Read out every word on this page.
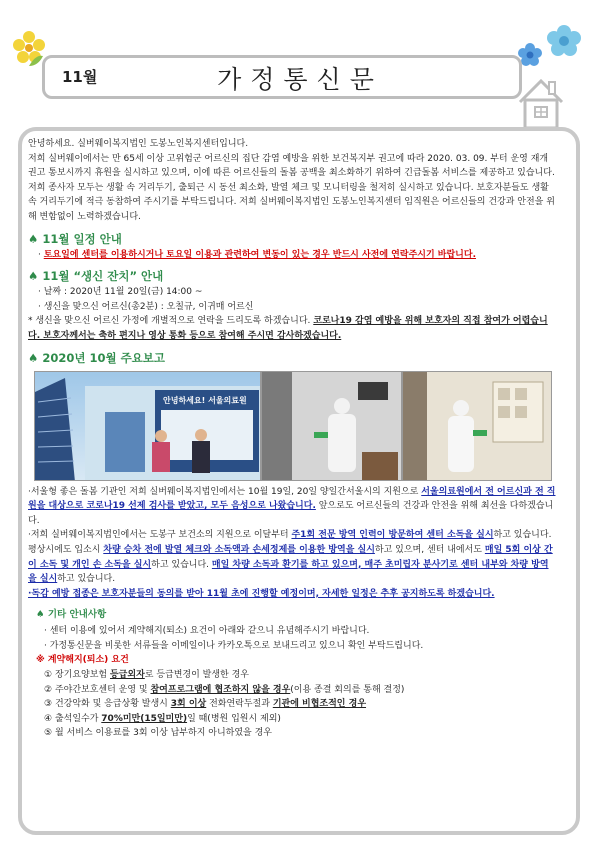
11월	가정통신문

안녕하세요. 실버웨이복지법인 도봉노인복지센터입니다.

저희 실버웨이에서는 만 65세 이상 고위험군 어르신의 집단 감염 예방을 위한 보건복지부 권고에 따라 2020. 03. 09. 부터 운영 재개 권고 통보시까지 휴원을 실시하고 있으며, 이에 따른 어르신들의 돌봄 공백을 최소화하기 위하여 긴급돌봄 서비스를 제공하고 있습니다. 저희 종사자 모두는 생활 속 거리두기, 출퇴근 시 동선 최소화, 발열 체크 및 모니터링을 철저히 실시하고 있습니다. 보호자분들도 생활 속 거리두기에 적극 동참하여 주시기를 부탁드립니다. 저희 실버웨이복지법인 도봉노인복지센터 임직원은 어르신들의 건강과 안전을 위해 변함없이 노력하겠습니다.

♠ 11월 일정 안내

· 토요일에 센터를 이용하시거나 토요일 이용과 관련하여 변동이 있는 경우 반드시 사전에 연락주시기 바랍니다.

♠ 11월 “생신 잔치” 안내

· 날짜 : 2020년 11월 20일(금) 14:00 ~

· 생신을 맞으신 어르신(총2분) : 오칠규, 이귀매 어르신

* 생신을 맞으신 어르신 가정에 개별적으로 연락을 드리도록 하겠습니다. 코로나19 감염 예방을 위해 보호자의 직접 참여가 어렵습니다. 보호자께서는 축하 편지나 영상 통화 등으로 참여해 주시면 감사하겠습니다.

♠ 2020년 10월 주요보고
안녕하세요! 서울의료원

·서울형 좋은 돌봄 기관인 저희 실버웨이복지법인에서는 10월 19일, 20일 양일간서울시의 지원으로 서울의료원에서 전 어르신과 전 직원을 대상으로 코로나19 선제 검사를 받았고, 모두 음성으로 나왔습니다. 앞으로도 어르신들의 건강과 안전을 위해 최선을 다하겠습니다.

·저희 실버웨이복지법인에서는 도봉구 보건소의 지원으로 이달부터 주1회 전문 방역 인력이 방문하여 센터 소독을 실시하고 있습니다. 평상시에도 입소시 차량 승차 전에 발열 체크와 소독액과 손세정제를 이용한 방역을 실시하고 있으며, 센터 내에서도 매일 5회 이상 간이 소독 및 개인 손 소독을 실시하고 있습니다. 매일 차량 소독과 환기를 하고 있으며, 매주 초미립자 분사기로 센터 내부와 차량 방역을 실시하고 있습니다.

·독감 예방 접종은 보호자분들의 동의를 받아 11월 초에 진행할 예정이며, 자세한 일정은 추후 공지하도록 하겠습니다.

♠ 기타 안내사항

· 센터 이용에 있어서 계약해지(퇴소) 요건이 아래와 같으니 유념해주시기 바랍니다.

· 가정통신문을 비롯한 서류들을 이메일이나 카카오톡으로 보내드리고 있으니 확인 부탁드립니다.

※ 계약해지(퇴소) 요건

① 장기요양보험 등급외자로 등급변경이 발생한 경우

② 주야간보호센터 운영 및 참여프로그램에 협조하지 않을 경우(이용 종결 회의를 통해 결정)

③ 건강악화 및 응급상황 발생시 3회 이상 전화연락두절과 기관에 비협조적인 경우

④ 출석일수가 70%미만(15일미만)일 때(병원 입원시 제외)

⑤ 월 서비스 이용료를 3회 이상 납부하지 아니하였을 경우
